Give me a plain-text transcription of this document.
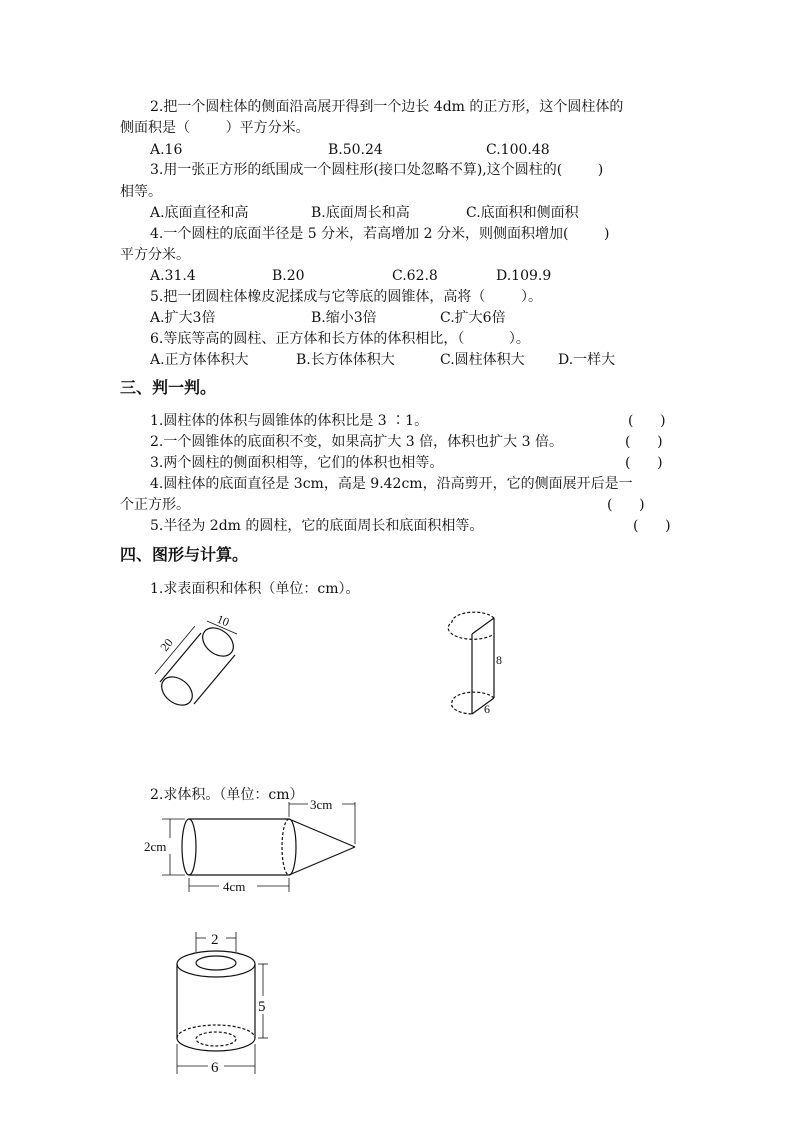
2.把一个圆柱体的侧面沿高展开得到一个边长 4dm 的正方形，这个圆柱体的
侧面积是（        ）平方分米。
A.16	B.50.24	C.100.48
3.用一张正方形的纸围成一个圆柱形(接口处忽略不算),这个圆柱的(        )
相等。
A.底面直径和高	B.底面周长和高	C.底面积和侧面积
4.一个圆柱的底面半径是 5 分米，若高增加 2 分米，则侧面积增加(        )
平方分米。
A.31.4	B.20	C.62.8	D.109.9
5.把一团圆柱体橡皮泥揉成与它等底的圆锥体，高将（        ）。
A.扩大3倍	B.缩小3倍	C.扩大6倍
6.等底等高的圆柱、正方体和长方体的体积相比，（          ）。
A.正方体体积大	B.长方体体积大	C.圆柱体积大 D.一样大
三、判一判。
1.圆柱体的体积与圆锥体的体积比是 3 ∶1。	(      )
2.一个圆锥体的底面积不变，如果高扩大 3 倍，体积也扩大 3 倍。	(      )
3.两个圆柱的侧面积相等，它们的体积也相等。	(      )
4.圆柱体的底面直径是 3cm，高是 9.42cm，沿高剪开，它的侧面展开后是一
个正方形。	(      )
5.半径为 2dm 的圆柱，它的底面周长和底面积相等。	(      )
四、图形与计算。
1.求表面积和体积（单位：cm）。
20
10
8
6
2.求体积。（单位：cm）
2cm
3cm
4cm
2
5
6
